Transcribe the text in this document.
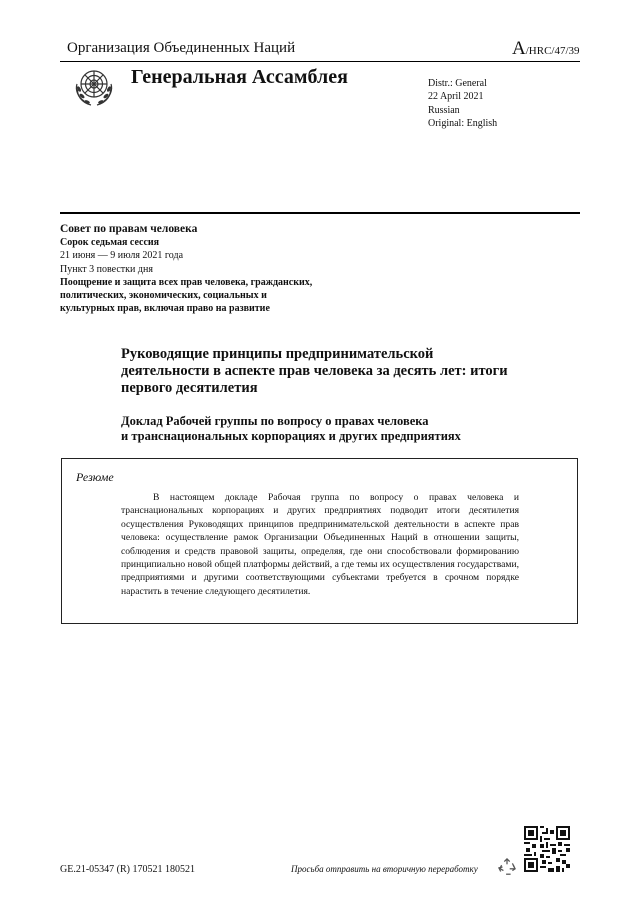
Организация Объединенных Наций	A/HRC/47/39
Генеральная Ассамблея	Distr.: General
22 April 2021
Russian
Original: English
Совет по правам человека
Сорок седьмая сессия
21 июня — 9 июля 2021 года
Пункт 3 повестки дня
Поощрение и защита всех прав человека, гражданских, политических, экономических, социальных и культурных прав, включая право на развитие
Руководящие принципы предпринимательской деятельности в аспекте прав человека за десять лет: итоги первого десятилетия
Доклад Рабочей группы по вопросу о правах человека
и транснациональных корпорациях и других предприятиях
Резюме
В настоящем докладе Рабочая группа по вопросу о правах человека и транснациональных корпорациях и других предприятиях подводит итоги десятилетия осуществления Руководящих принципов предпринимательской деятельности в аспекте прав человека: осуществление рамок Организации Объединенных Наций в отношении защиты, соблюдения и средств правовой защиты, определяя, где они способствовали формированию принципиально новой общей платформы действий, а где темы их осуществления государствами, предприятиями и другими соответствующими субъектами требуется в срочном порядке нарастить в течение следующего десятилетия.
GE.21-05347 (R) 170521 180521	Просьба отправить на вторичную переработку
